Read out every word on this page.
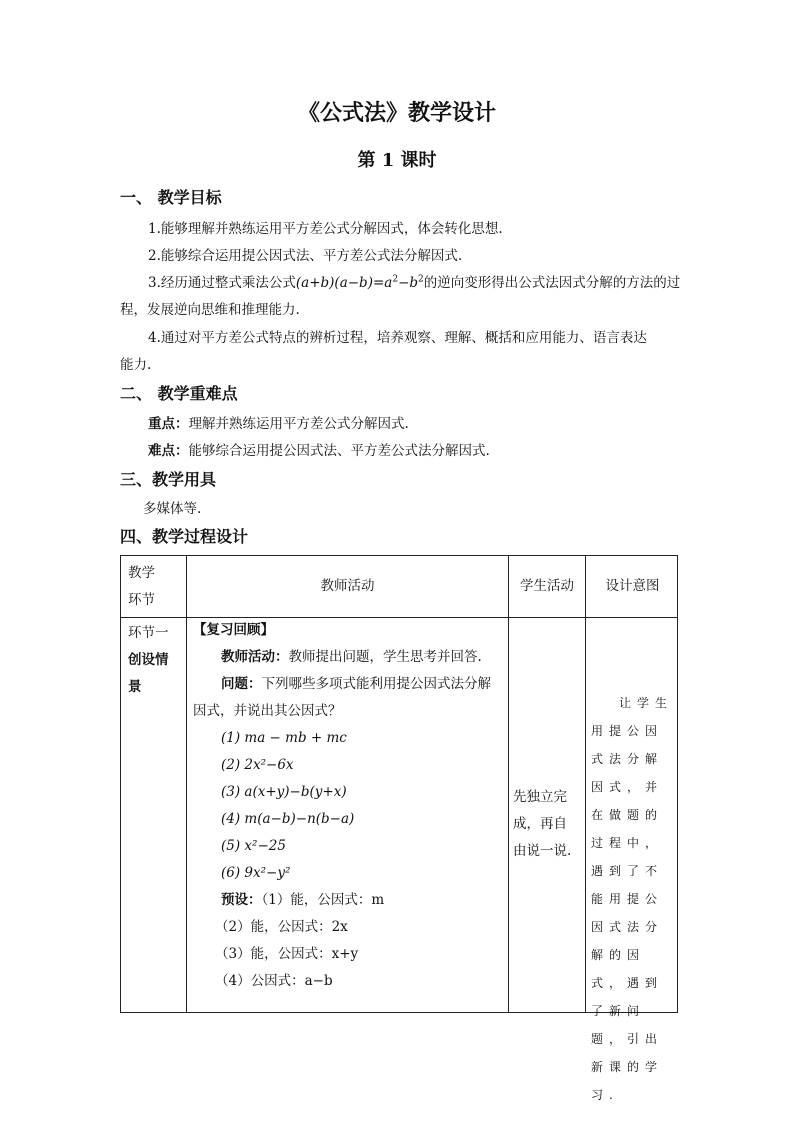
《公式法》教学设计
第 1 课时
一、 教学目标
1.能够理解并熟练运用平方差公式分解因式，体会转化思想.
2.能够综合运用提公因式法、平方差公式法分解因式.
3.经历通过整式乘法公式$(a+b)(a-b)=a^2-b^2$的逆向变形得出公式法因式分解的方法的过
程，发展逆向思维和推理能力.
4.通过对平方差公式特点的辨析过程，培养观察、理解、概括和应用能力、语言表达
能力.
二、 教学重难点
重点：理解并熟练运用平方差公式分解因式.
难点：能够综合运用提公因式法、平方差公式法分解因式.
三、教学用具
多媒体等.
四、教学过程设计
教学
环节
教师活动	学生活动	设计意图
环节一
创设情
景
【复习回顾】
教师活动：教师提出问题，学生思考并回答.
问题：下列哪些多项式能利用提公因式法分解
因式，并说出其公因式？
(1) ma − mb + mc
(2) 2x²−6x
(3) a(x+y)−b(y+x)
(4) m(a−b)−n(b−a)
(5) x²−25
(6) 9x²−y²
预设：（1）能，公因式：m
（2）能，公因式：2x
（3）能，公因式：x+y
（4）公因式：a−b
先独立完
成，再自
由说一说.
让学生用提公因式法分解因式，并在做题的过程中，遇到了不能用提公因式法分解的因式，遇到了新问题，引出新课的学习.
